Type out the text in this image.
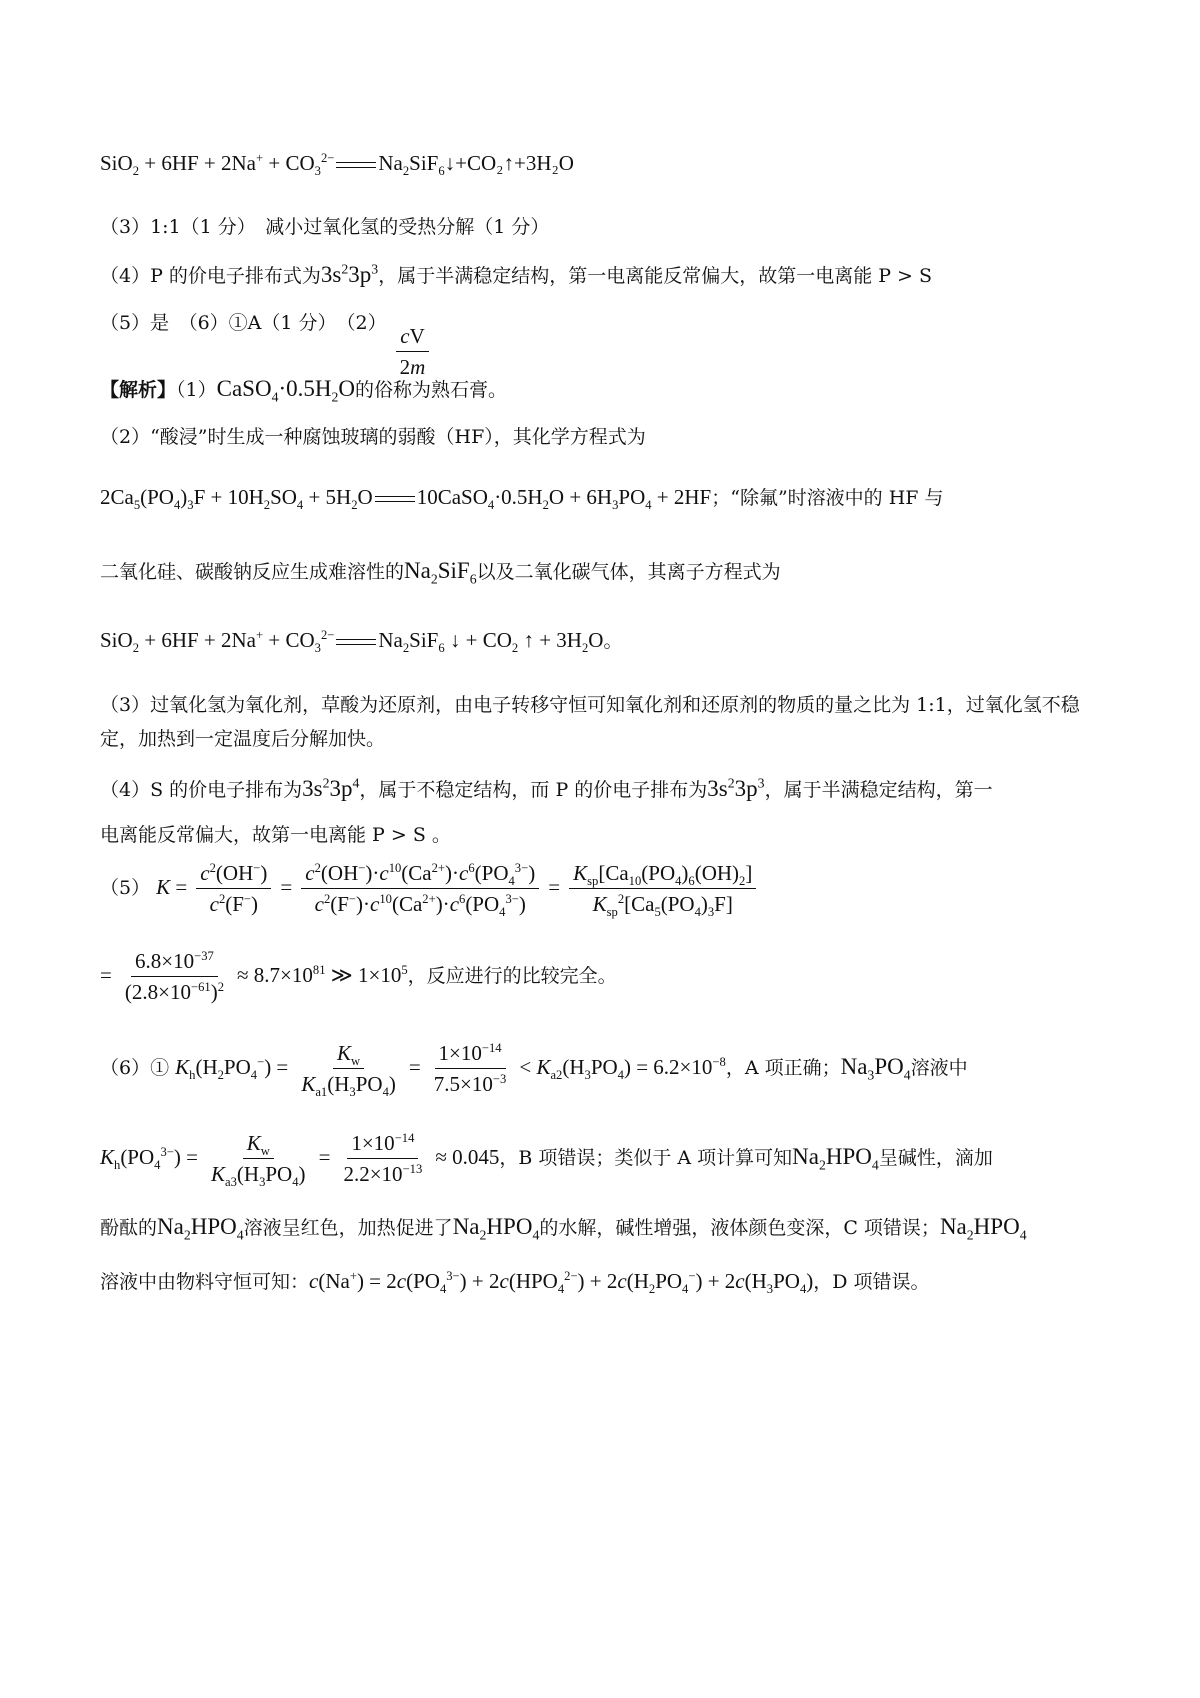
$SiO_2 + 6HF + 2Na^+ + CO_3^{2-}$ $Na_2SiF_6↓+CO_2↑+3H_2O$
（3）1:1（1 分）　减小过氧化氢的受热分解（1 分）
（4）P 的价电子排布式为$3s^23p^3$，属于半满稳定结构，第一电离能反常偏大，故第一电离能 P > S
（5）是　（6）①A（1 分）　$(2) \frac{cV}{2m}$
【解析】$(1)CaSO_4\cdot 0.5H_2O$的俗称为熟石膏。
（2）“酸浸”时生成一种腐蚀玻璃的弱酸（HF），其化学方程式为
$2Ca_5(PO_4)_3F + 10H_2SO_4 + 5H_2O$ $10CaSO_4\cdot 0.5H_2O + 6H_3PO_4 + 2HF$；“除氟”时溶液中的 HF 与
二氧化硅、碳酸钠反应生成难溶性的$Na_2SiF_6$以及二氧化碳气体，其离子方程式为
$SiO_2 + 6HF + 2Na^+ + CO_3^{2-}$ $Na_2SiF_6$ ↓ + $CO_2$ ↑ + $3H_2O$。
（3）过氧化氢为氧化剂，草酸为还原剂，由电子转移守恒可知氧化剂和还原剂的物质的量之比为 1:1，过氧化氢不稳定，加热到一定温度后分解加快。
（4）S 的价电子排布为$3s^23p^4$，属于不稳定结构，而 P 的价电子排布为$3s^23p^3$，属于半满稳定结构，第一
电离能反常偏大，故第一电离能 P > S 。
（5） $K = \frac{c^2(OH^-)}{c^2(F^-)} = \frac{c^2(OH^-)\cdot c^{10}(Ca^{2+})\cdot c^6(PO_4^{3-})}{c^2(F^-)\cdot c^{10}(Ca^{2+})\cdot c^6(PO_4^{3-})} = \frac{K_{sp}[Ca_{10}(PO_4)_6(OH)_2]}{K_{sp}^2[Ca_5(PO_4)_3F]}$
= $\frac{6.8\times 10^{-37}}{(2.8\times 10^{-61})^2} \approx 8.7\times 10^{81}$ ≫ $1\times 10^5$，反应进行的比较完全。
（6）① $K_h(H_2PO_4^-) = \frac{K_w}{K_{a1}(H_3PO_4)} = \frac{1\times 10^{-14}}{7.5\times 10^{-3}} < K_{a2}(H_3PO_4) = 6.2\times 10^{-8}$，A 项正确；$Na_3PO_4$溶液中
$K_h(PO_4^{3-}) = \frac{K_w}{K_{a3}(H_3PO_4)} = \frac{1\times 10^{-14}}{2.2\times 10^{-13}} \approx 0.045$，B 项错误；类似于 A 项计算可知$Na_2HPO_4$呈碱性，滴加
酚酞的$Na_2HPO_4$溶液呈红色，加热促进了$Na_2HPO_4$的水解，碱性增强，液体颜色变深，C 项错误；$Na_2HPO_4$
溶液中由物料守恒可知：$c(Na^+) = 2c(PO_4^{3-}) + 2c(HPO_4^{2-}) + 2c(H_2PO_4^-) + 2c(H_3PO_4)$，D 项错误。
